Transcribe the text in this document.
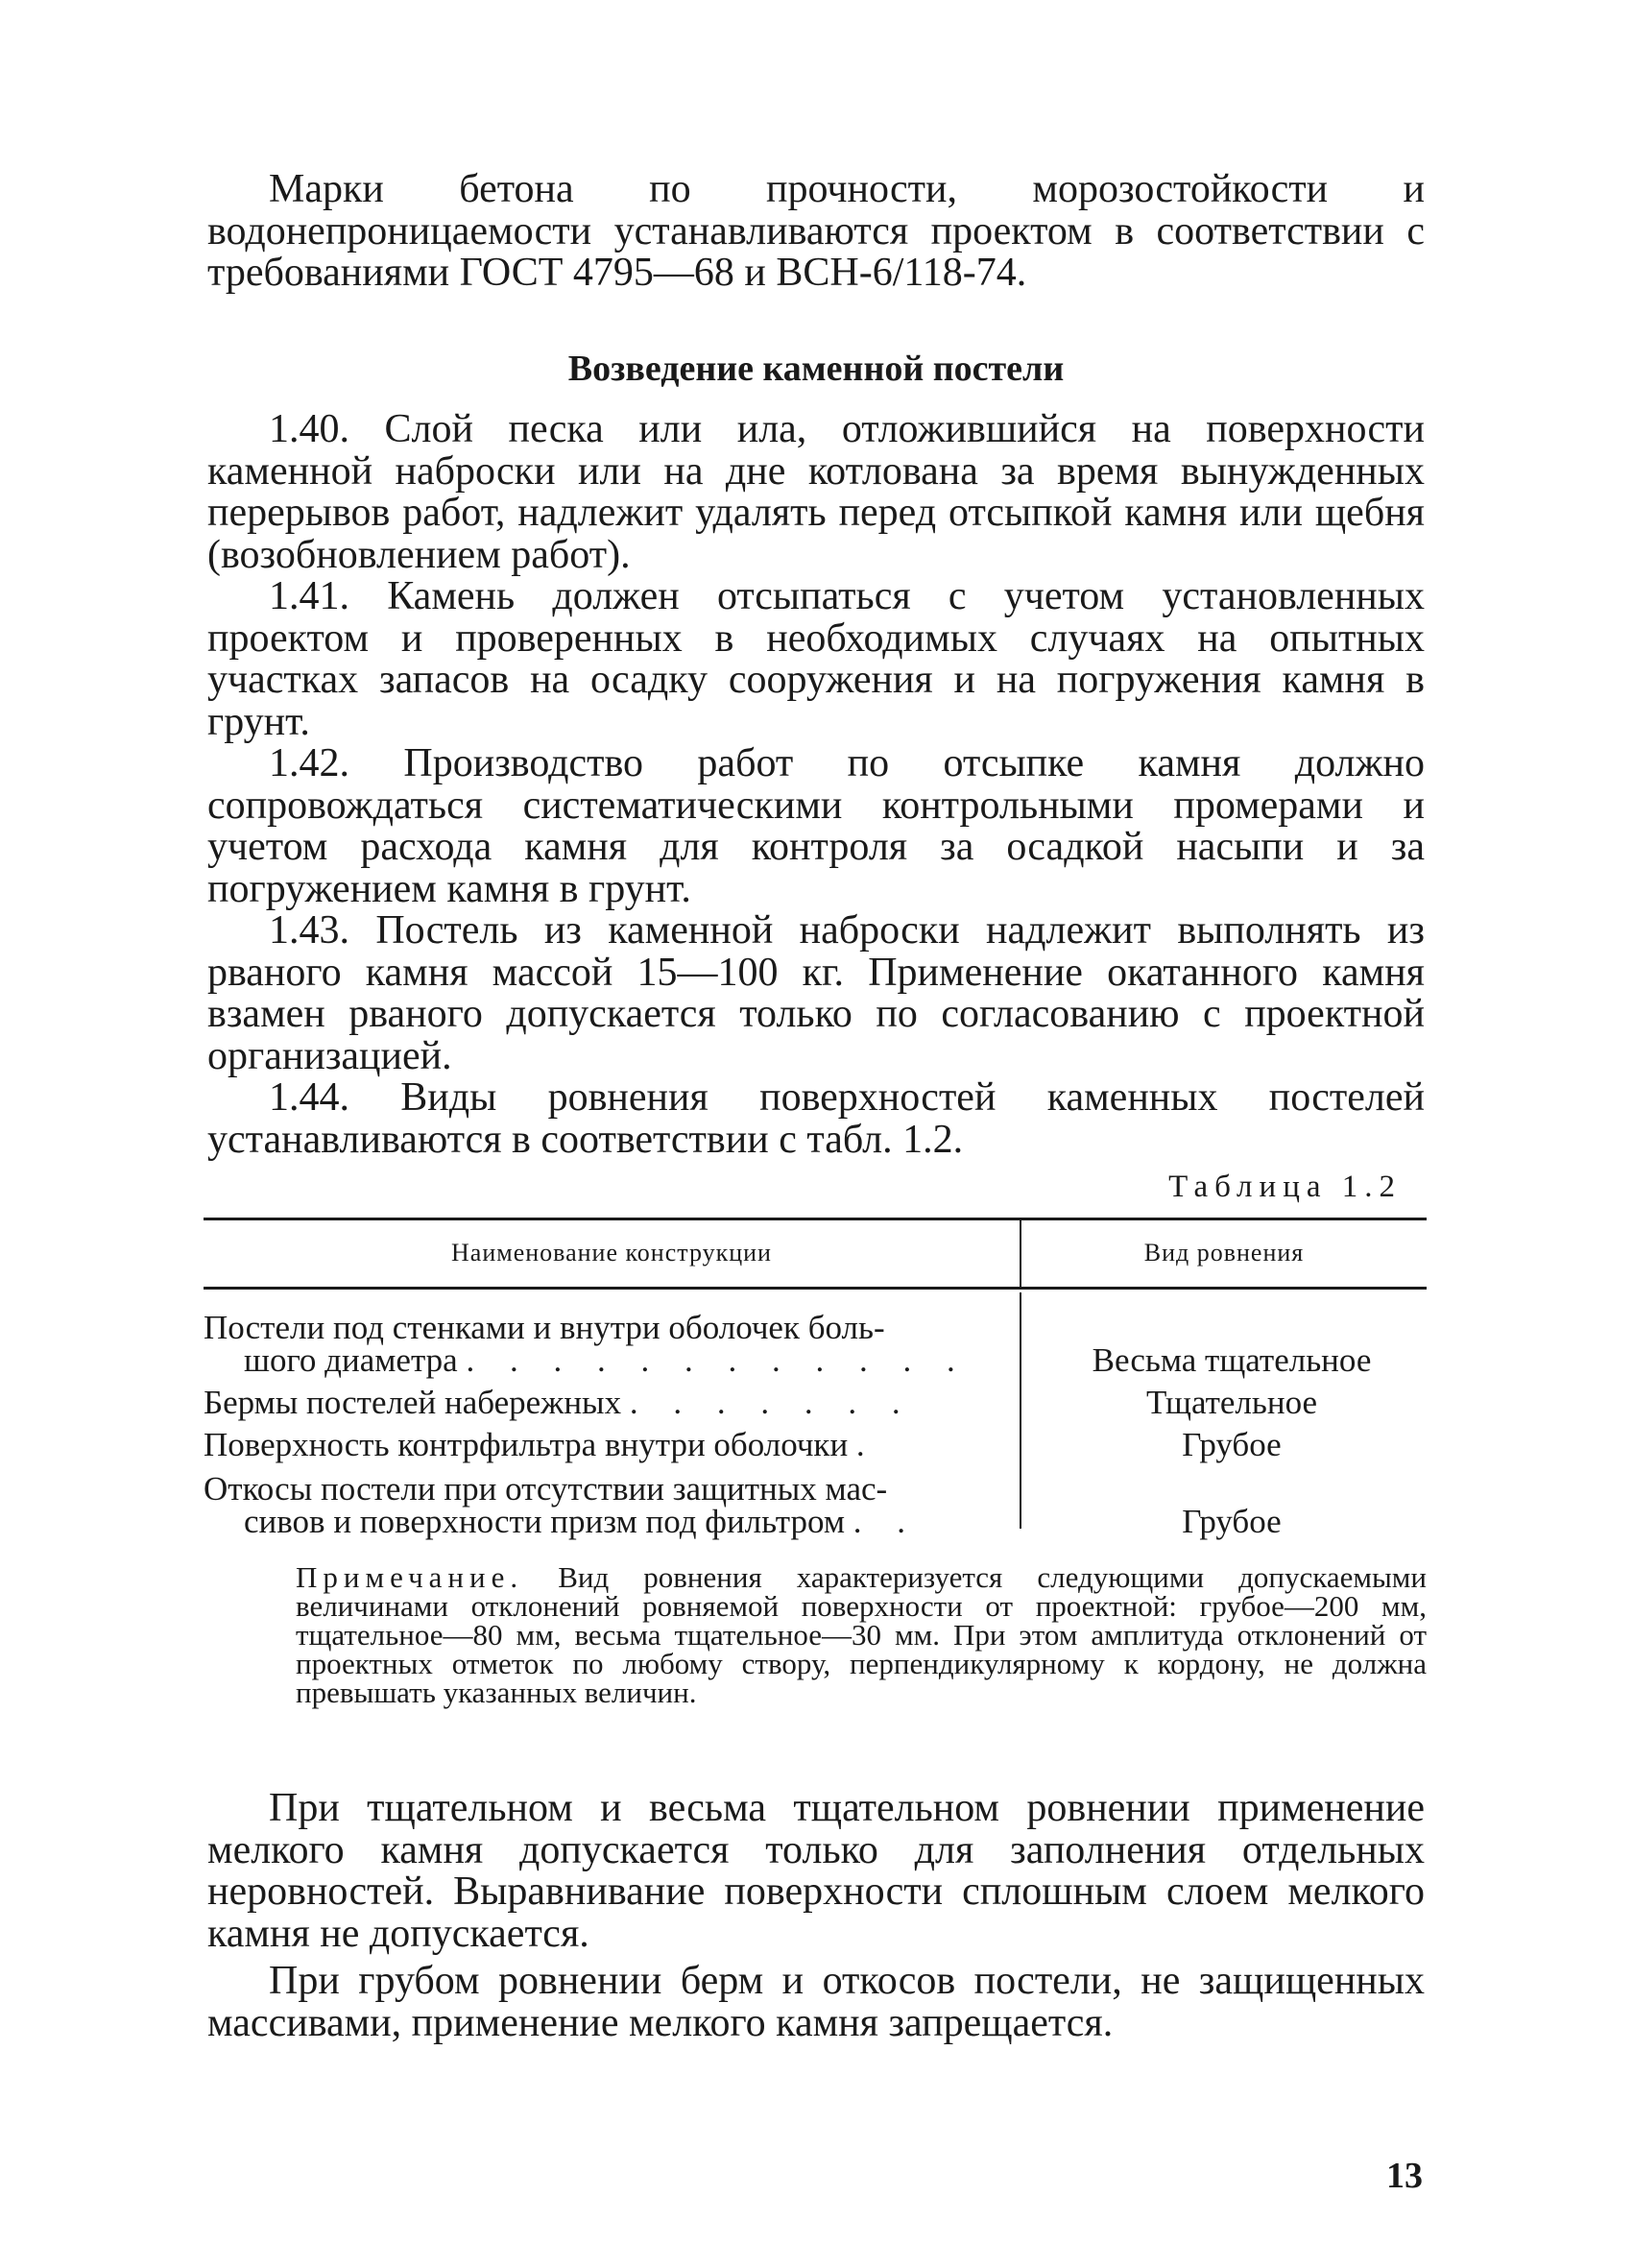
Марки бетона по прочности, морозостойкости и водонепроницаемости устанавливаются проектом в соответствии с требованиями ГОСТ 4795—68 и ВСН-6/118-74.

Возведение каменной постели

1.40. Слой песка или ила, отложившийся на поверхности каменной наброски или на дне котлована за время вынужденных перерывов работ, надлежит удалять перед отсыпкой камня или щебня (возобновлением работ).

1.41. Камень должен отсыпаться с учетом установленных проектом и проверенных в необходимых случаях на опытных участках запасов на осадку сооружения и на погружения камня в грунт.

1.42. Производство работ по отсыпке камня должно сопровождаться систематическими контрольными промерами и учетом расхода камня для контроля за осадкой насыпи и за погружением камня в грунт.

1.43. Постель из каменной наброски надлежит выполнять из рваного камня массой 15—100 кг. Применение окатанного камня взамен рваного допускается только по согласованию с проектной организацией.

1.44. Виды ровнения поверхностей каменных постелей устанавливаются в соответствии с табл. 1.2.

Таблица 1.2
Наименование конструкции	Вид ровнения
Постели под стенками и внутри оболочек боль-
шого диаметра . . . . . . . . . . . .	Весьма тщательное
Бермы постелей набережных . . . . . . .	Тщательное
Поверхность контрфильтра внутри оболочки .	Грубое
Откосы постели при отсутствии защитных мас-
сивов и поверхности призм под фильтром . .	Грубое
Примечание. Вид ровнения характеризуется следующими допускаемыми величинами отклонений ровняемой поверхности от проектной: грубое—200 мм, тщательное—80 мм, весьма тщательное—30 мм. При этом амплитуда отклонений от проектных отметок по любому створу, перпендикулярному к кордону, не должна превышать указанных величин.

При тщательном и весьма тщательном ровнении применение мелкого камня допускается только для заполнения отдельных неровностей. Выравнивание поверхности сплошным слоем мелкого камня не допускается.

При грубом ровнении берм и откосов постели, не защищенных массивами, применение мелкого камня запрещается.

13
